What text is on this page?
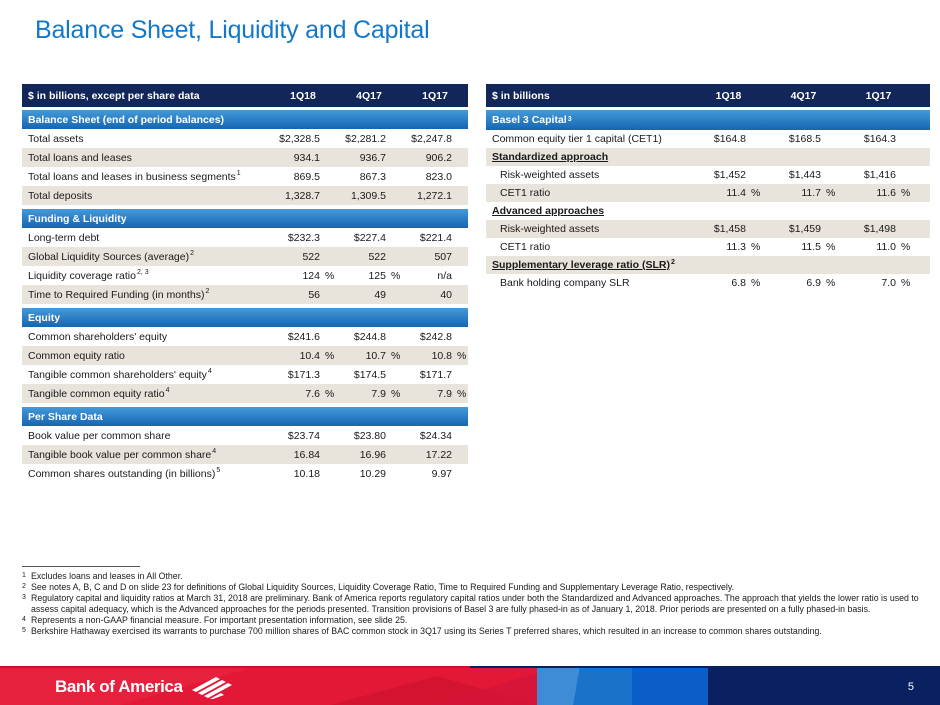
Balance Sheet, Liquidity and Capital
$ in billions, except per share data	1Q18	4Q17	1Q17
Balance Sheet (end of period balances)
Total assets	$2,328.5	$2,281.2	$2,247.8
Total loans and leases	934.1	936.7	906.2
Total loans and leases in business segments$^1$	869.5	867.3	823.0
Total deposits	1,328.7	1,309.5	1,272.1
Funding & Liquidity
Long-term debt	$232.3	$227.4	$221.4
Global Liquidity Sources (average)$^2$	522	522	507
Liquidity coverage ratio$^{2, 3}$	124 %	125 %	n/a
Time to Required Funding (in months)$^2$	56	49	40
Equity
Common shareholders' equity	$241.6	$244.8	$242.8
Common equity ratio	10.4 %	10.7 %	10.8 %
Tangible common shareholders' equity$^4$	$171.3	$174.5	$171.7
Tangible common equity ratio$^4$	7.6 %	7.9 %	7.9 %
Per Share Data
Book value per common share	$23.74	$23.80	$24.34
Tangible book value per common share$^4$	16.84	16.96	17.22
Common shares outstanding (in billions)$^5$	10.18	10.29	9.97
$ in billions	1Q18	4Q17	1Q17
Basel 3 Capital 3
Common equity tier 1 capital (CET1)	$164.8	$168.5	$164.3
Standardized approach
Risk-weighted assets	$1,452	$1,443	$1,416
CET1 ratio	11.4 %	11.7 %	11.6 %
Advanced approaches
Risk-weighted assets	$1,458	$1,459	$1,498
CET1 ratio	11.3 %	11.5 %	11.0 %
Supplementary leverage ratio (SLR)$^2$
Bank holding company SLR	6.8 %	6.9 %	7.0 %
1 Excludes loans and leases in All Other.
2 See notes A, B, C and D on slide 23 for definitions of Global Liquidity Sources, Liquidity Coverage Ratio, Time to Required Funding and Supplementary Leverage Ratio, respectively.
3 Regulatory capital and liquidity ratios at March 31, 2018 are preliminary. Bank of America reports regulatory capital ratios under both the Standardized and Advanced approaches. The approach that yields the lower ratio is used to assess capital adequacy, which is the Advanced approaches for the periods presented. Transition provisions of Basel 3 are fully phased-in as of January 1, 2018. Prior periods are presented on a fully phased-in basis.
4 Represents a non-GAAP financial measure. For important presentation information, see slide 25.
5 Berkshire Hathaway exercised its warrants to purchase 700 million shares of BAC common stock in 3Q17 using its Series T preferred shares, which resulted in an increase to common shares outstanding.
Bank of America	5
